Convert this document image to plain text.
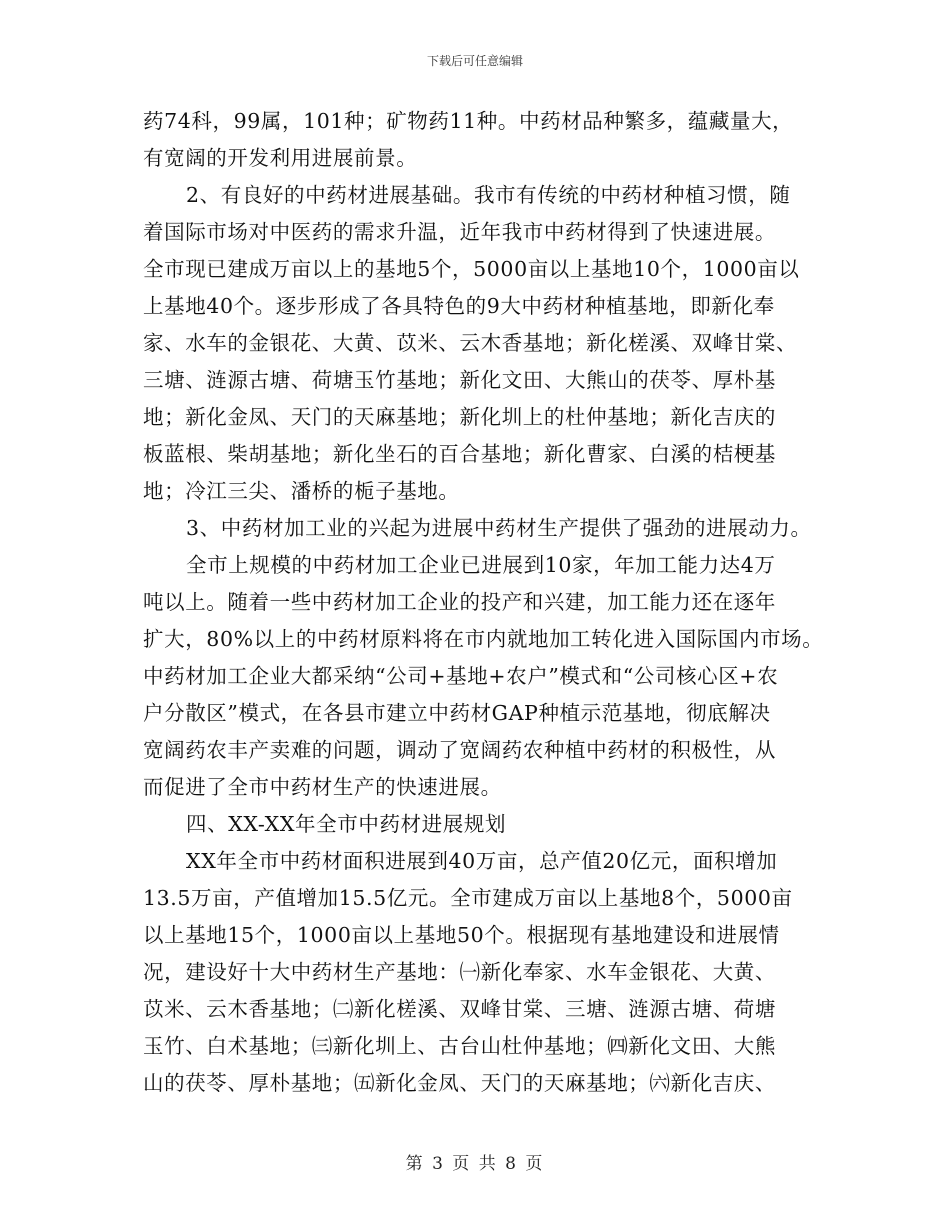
下载后可任意编辑
药74科，99属，101种；矿物药11种。中药材品种繁多，蕴藏量大，
有宽阔的开发利用进展前景。
2、有良好的中药材进展基础。我市有传统的中药材种植习惯，随
着国际市场对中医药的需求升温，近年我市中药材得到了快速进展。
全市现已建成万亩以上的基地5个，5000亩以上基地10个，1000亩以
上基地40个。逐步形成了各具特色的9大中药材种植基地，即新化奉
家、水车的金银花、大黄、苡米、云木香基地；新化槎溪、双峰甘棠、
三塘、涟源古塘、荷塘玉竹基地；新化文田、大熊山的茯苓、厚朴基
地；新化金凤、天门的天麻基地；新化圳上的杜仲基地；新化吉庆的
板蓝根、柴胡基地；新化坐石的百合基地；新化曹家、白溪的桔梗基
地；冷江三尖、潘桥的栀子基地。
3、中药材加工业的兴起为进展中药材生产提供了强劲的进展动力。
全市上规模的中药材加工企业已进展到10家，年加工能力达4万
吨以上。随着一些中药材加工企业的投产和兴建，加工能力还在逐年
扩大，80%以上的中药材原料将在市内就地加工转化进入国际国内市场。
中药材加工企业大都采纳“公司+基地+农户”模式和“公司核心区+农
户分散区”模式，在各县市建立中药材GAP种植示范基地，彻底解决
宽阔药农丰产卖难的问题，调动了宽阔药农种植中药材的积极性，从
而促进了全市中药材生产的快速进展。
四、XX-XX年全市中药材进展规划
XX年全市中药材面积进展到40万亩，总产值20亿元，面积增加
13.5万亩，产值增加15.5亿元。全市建成万亩以上基地8个，5000亩
以上基地15个，1000亩以上基地50个。根据现有基地建设和进展情
况，建设好十大中药材生产基地：㈠新化奉家、水车金银花、大黄、
苡米、云木香基地；㈡新化槎溪、双峰甘棠、三塘、涟源古塘、荷塘
玉竹、白术基地；㈢新化圳上、古台山杜仲基地；㈣新化文田、大熊
山的茯苓、厚朴基地；㈤新化金凤、天门的天麻基地；㈥新化吉庆、
第 3 页 共 8 页
